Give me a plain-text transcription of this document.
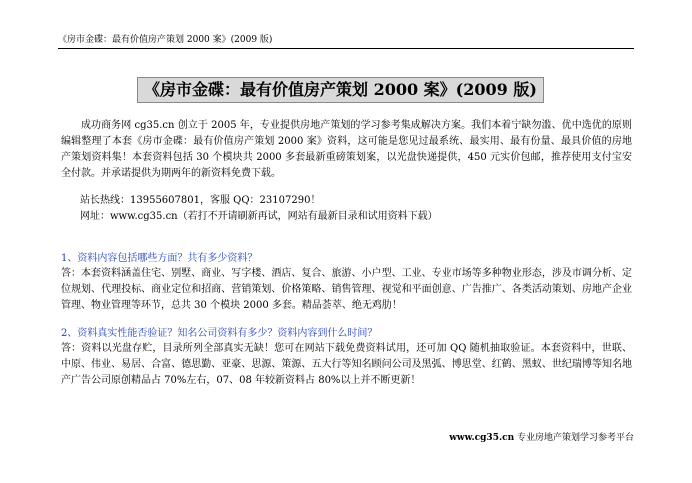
《房市金碟：最有价值房产策划 2000 案》(2009 版)
《房市金碟：最有价值房产策划 2000 案》(2009 版)

成功商务网 cg35.cn 创立于 2005 年，专业提供房地产策划的学习参考集成解决方案。我们本着宁缺勿滥、优中选优的原则编辑整理了本套《房市金碟：最有价值房产策划 2000 案》资料，这可能是您见过最系统、最实用、最有份量、最具价值的房地产策划资料集！本套资料包括 30 个模块共 2000 多套最新重磅策划案，以光盘快递提供，450 元实价包邮，推荐使用支付宝安全付款。并承诺提供为期两年的新资料免费下载。

站长热线：13955607801，客服 QQ：23107290！

网址：www.cg35.cn（若打不开请刷新再试，网站有最新目录和试用资料下载）

1、资料内容包括哪些方面？共有多少资料？

答：本套资料涵盖住宅、别墅、商业、写字楼、酒店、复合、旅游、小户型、工业、专业市场等多种物业形态，涉及市调分析、定位规划、代理投标、商业定位和招商、营销策划、价格策略、销售管理、视觉和平面创意、广告推广、各类活动策划、房地产企业管理、物业管理等环节，总共 30 个模块 2000 多套。精品荟萃、绝无鸡肋！

2、资料真实性能否验证？知名公司资料有多少？资料内容到什么时间？

答：资料以光盘存贮，目录所列全部真实无缺！您可在网站下载免费资料试用，还可加 QQ 随机抽取验证。本套资料中，世联、中原、伟业、易居、合富、德思勤、亚豪、思源、策源、五大行等知名顾问公司及黑弧、博思堂、红鹤、黑蚁、世纪瑞博等知名地产广告公司原创精品占 70%左右，07、08 年较新资料占 80%以上并不断更新！

www.cg35.cn 专业房地产策划学习参考平台
